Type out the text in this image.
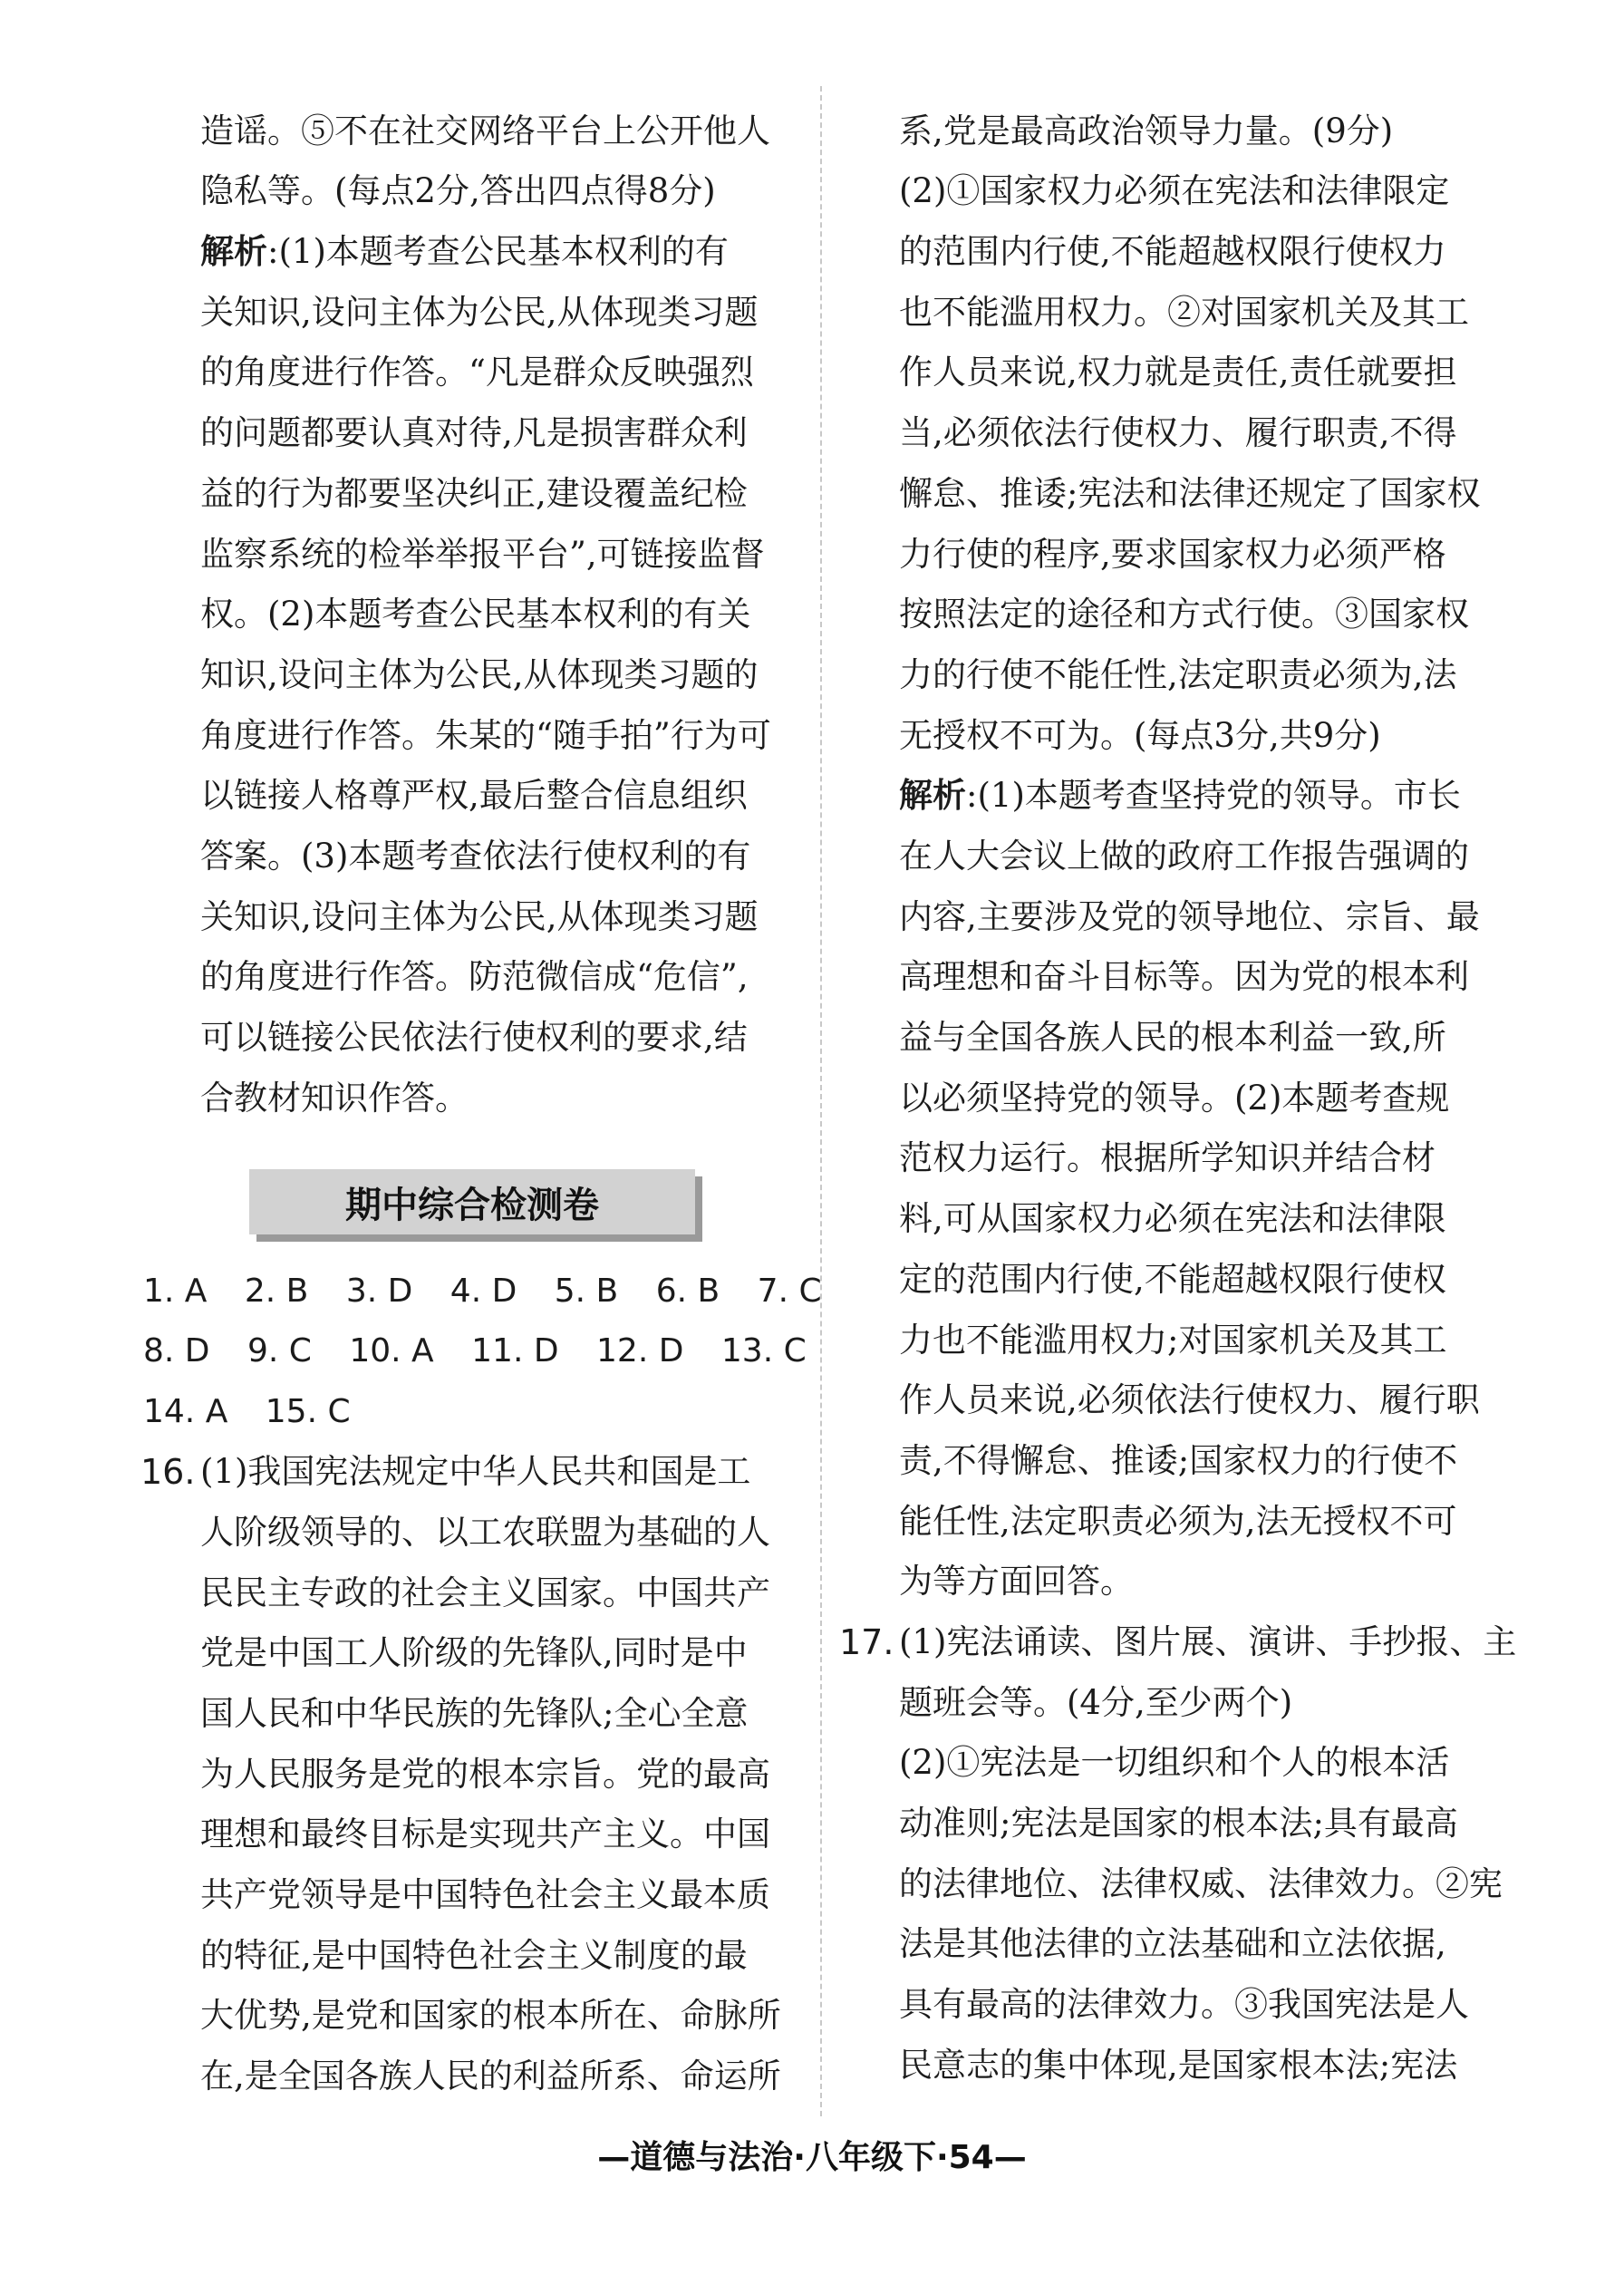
造谣。⑤不在社交网络平台上公开他人
隐私等。(每点2分,答出四点得8分)
解析:(1)本题考查公民基本权利的有
关知识,设问主体为公民,从体现类习题
的角度进行作答。“凡是群众反映强烈
的问题都要认真对待,凡是损害群众利
益的行为都要坚决纠正,建设覆盖纪检
监察系统的检举举报平台”,可链接监督
权。(2)本题考查公民基本权利的有关
知识,设问主体为公民,从体现类习题的
角度进行作答。朱某的“随手拍”行为可
以链接人格尊严权,最后整合信息组织
答案。(3)本题考查依法行使权利的有
关知识,设问主体为公民,从体现类习题
的角度进行作答。防范微信成“危信”,
可以链接公民依法行使权利的要求,结
合教材知识作答。
期中综合检测卷
1. A 2. B 3. D 4. D 5. B 6. B 7. C
8. D 9. C 10. A 11. D 12. D 13. C
14. A 15. C
16. (1)我国宪法规定中华人民共和国是工
人阶级领导的、以工农联盟为基础的人
民民主专政的社会主义国家。中国共产
党是中国工人阶级的先锋队,同时是中
国人民和中华民族的先锋队;全心全意
为人民服务是党的根本宗旨。党的最高
理想和最终目标是实现共产主义。中国
共产党领导是中国特色社会主义最本质
的特征,是中国特色社会主义制度的最
大优势,是党和国家的根本所在、命脉所
在,是全国各族人民的利益所系、命运所
系,党是最高政治领导力量。(9分)
(2)①国家权力必须在宪法和法律限定
的范围内行使,不能超越权限行使权力
也不能滥用权力。②对国家机关及其工
作人员来说,权力就是责任,责任就要担
当,必须依法行使权力、履行职责,不得
懈怠、推诿;宪法和法律还规定了国家权
力行使的程序,要求国家权力必须严格
按照法定的途径和方式行使。③国家权
力的行使不能任性,法定职责必须为,法
无授权不可为。(每点3分,共9分)
解析:(1)本题考查坚持党的领导。市长
在人大会议上做的政府工作报告强调的
内容,主要涉及党的领导地位、宗旨、最
高理想和奋斗目标等。因为党的根本利
益与全国各族人民的根本利益一致,所
以必须坚持党的领导。(2)本题考查规
范权力运行。根据所学知识并结合材
料,可从国家权力必须在宪法和法律限
定的范围内行使,不能超越权限行使权
力也不能滥用权力;对国家机关及其工
作人员来说,必须依法行使权力、履行职
责,不得懈怠、推诿;国家权力的行使不
能任性,法定职责必须为,法无授权不可
为等方面回答。
17. (1)宪法诵读、图片展、演讲、手抄报、主
题班会等。(4分,至少两个)
(2)①宪法是一切组织和个人的根本活
动准则;宪法是国家的根本法;具有最高
的法律地位、法律权威、法律效力。②宪
法是其他法律的立法基础和立法依据,
具有最高的法律效力。③我国宪法是人
民意志的集中体现,是国家根本法;宪法
—道德与法治·八年级下·54—
